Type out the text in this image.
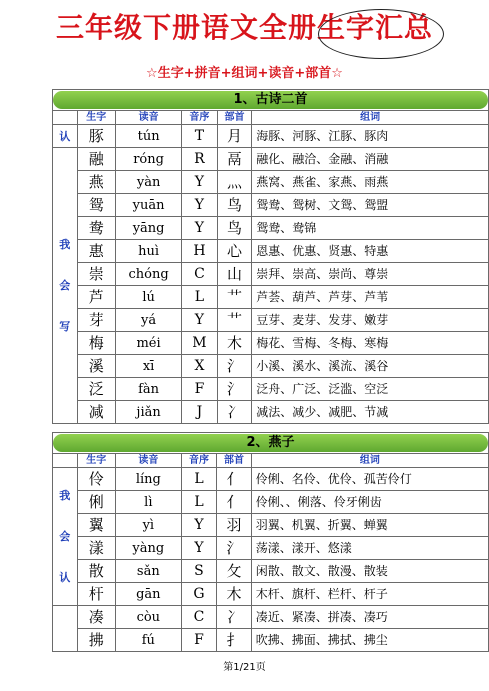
三年级下册语文全册生字汇总
☆生字+拼音+组词+读音+部首☆
1、古诗二首					

	生字	读音	音序	部首	组词

认	豚	tún	T	月	海豚、河豚、江豚、豚肉

我
会
写	融	róng	R	鬲	融化、融洽、金融、消融
	燕	yàn	Y	灬	燕窝、燕雀、家燕、雨燕
	鸳	yuān	Y	鸟	鸳鸯、鸳树、文鸳、鸳盟
	鸯	yāng	Y	鸟	鸳鸯、鸯锦
	惠	huì	H	心	恩惠、优惠、贤惠、特惠
	崇	chóng	C	山	崇拜、崇高、崇尚、尊崇
	芦	lú	L	艹	芦荟、葫芦、芦芽、芦苇
	芽	yá	Y	艹	豆芽、麦芽、发芽、嫩芽
	梅	méi	M	木	梅花、雪梅、冬梅、寒梅
	溪	xī	X	氵	小溪、溪水、溪流、溪谷
	泛	fàn	F	氵	泛舟、广泛、泛滥、空泛
	减	jiǎn	J	冫	减法、减少、减肥、节减
2、燕子					

	生字	读音	音序	部首	组词

我
会
认	伶	líng	L	亻	伶俐、名伶、优伶、孤苦伶仃
	俐	lì	L	亻	伶俐、、俐落、伶牙俐齿
	翼	yì	Y	羽	羽翼、机翼、折翼、蝉翼
	漾	yàng	Y	氵	荡漾、漾开、悠漾
	散	sǎn	S	攵	闲散、散文、散漫、散装
	杆	gān	G	木	木杆、旗杆、栏杆、杆子
	凑	còu	C	冫	凑近、紧凑、拼凑、凑巧
	拂	fú	F	扌	吹拂、拂面、拂拭、拂尘
第1/21页
